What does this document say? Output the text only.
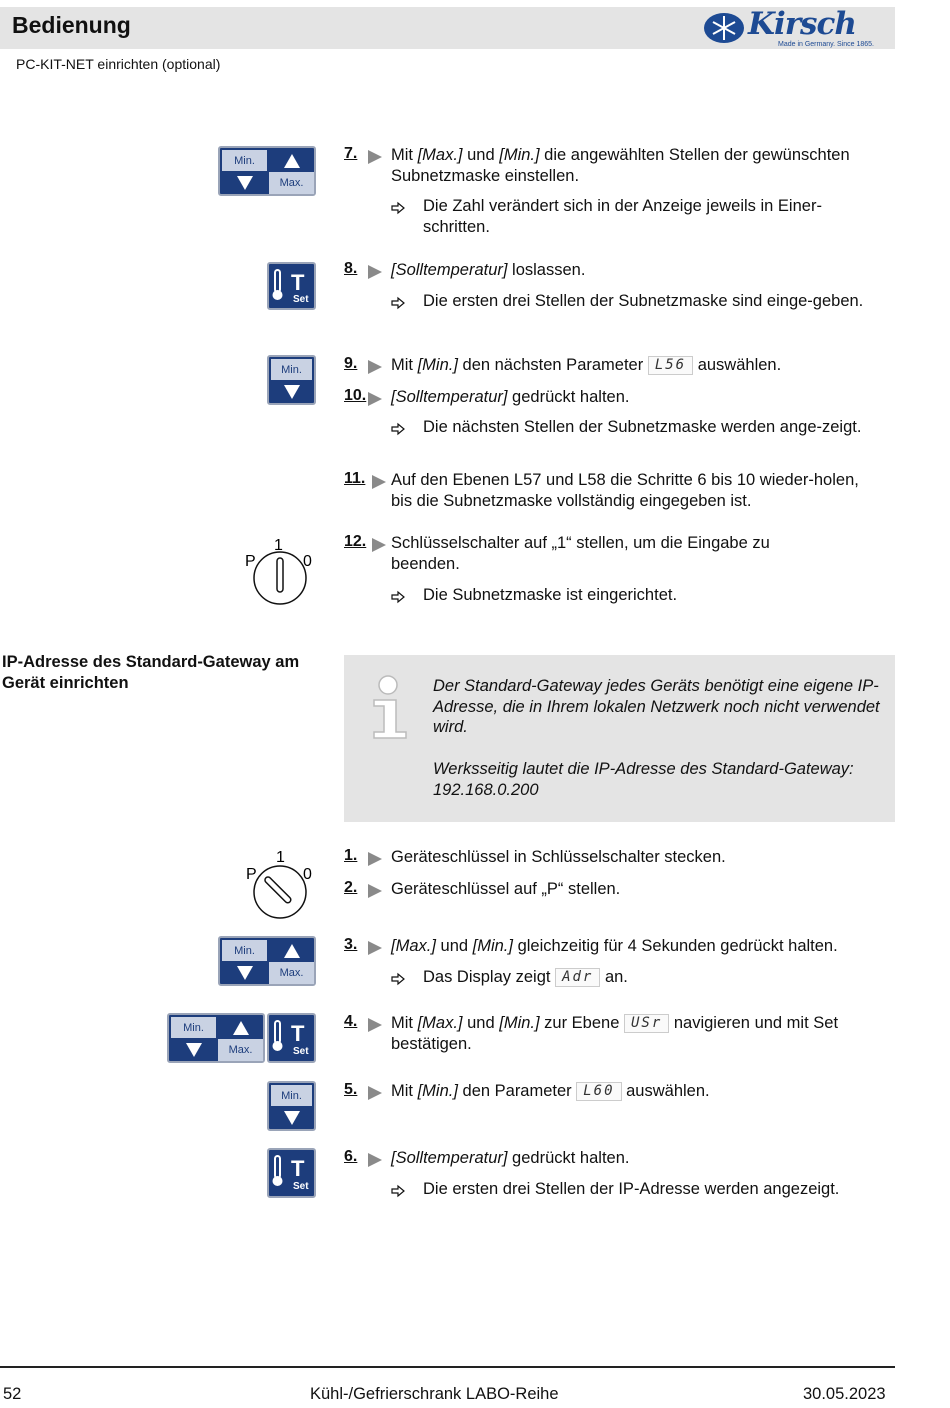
Bedienung	Kirsch
Made in Germany. Since 1865.
PC-KIT-NET einrichten (optional)
Min.
Max.
T
Set
Min.
1
P	0
7.	Mit [Max.] und [Min.] die angewählten Stellen der gewünschten Subnetzmaske einstellen.
Die Zahl verändert sich in der Anzeige jeweils in Einer-schritten.
8.	[Solltemperatur] loslassen.
Die ersten drei Stellen der Subnetzmaske sind einge-geben.
9.	Mit [Min.] den nächsten Parameter L56 auswählen.
10.	[Solltemperatur] gedrückt halten.
Die nächsten Stellen der Subnetzmaske werden ange-zeigt.
11.	Auf den Ebenen L57 und L58 die Schritte 6 bis 10 wieder-holen, bis die Subnetzmaske vollständig eingegeben ist.
12.	Schlüsselschalter auf „1“ stellen, um die Eingabe zu beenden.
Die Subnetzmaske ist eingerichtet.
IP-Adresse des Standard-Gateway am Gerät einrichten	Der Standard-Gateway jedes Geräts benötigt eine eigene IP-Adresse, die in Ihrem lokalen Netzwerk noch nicht verwendet wird.
Werksseitig lautet die IP-Adresse des Standard-Gateway: 192.168.0.200
1
P	0
Min.
Max.
Min.
Max.
T
Set
Min.
T
Set
1.	Geräteschlüssel in Schlüsselschalter stecken.
2.	Geräteschlüssel auf „P“ stellen.
3.	[Max.] und [Min.] gleichzeitig für 4 Sekunden gedrückt halten.
Das Display zeigt Adr an.
4.	Mit [Max.] und [Min.] zur Ebene USr navigieren und mit Set bestätigen.
5.	Mit [Min.] den Parameter L60 auswählen.
6.	[Solltemperatur] gedrückt halten.
Die ersten drei Stellen der IP-Adresse werden angezeigt.
52	Kühl-/Gefrierschrank LABO-Reihe	30.05.2023
